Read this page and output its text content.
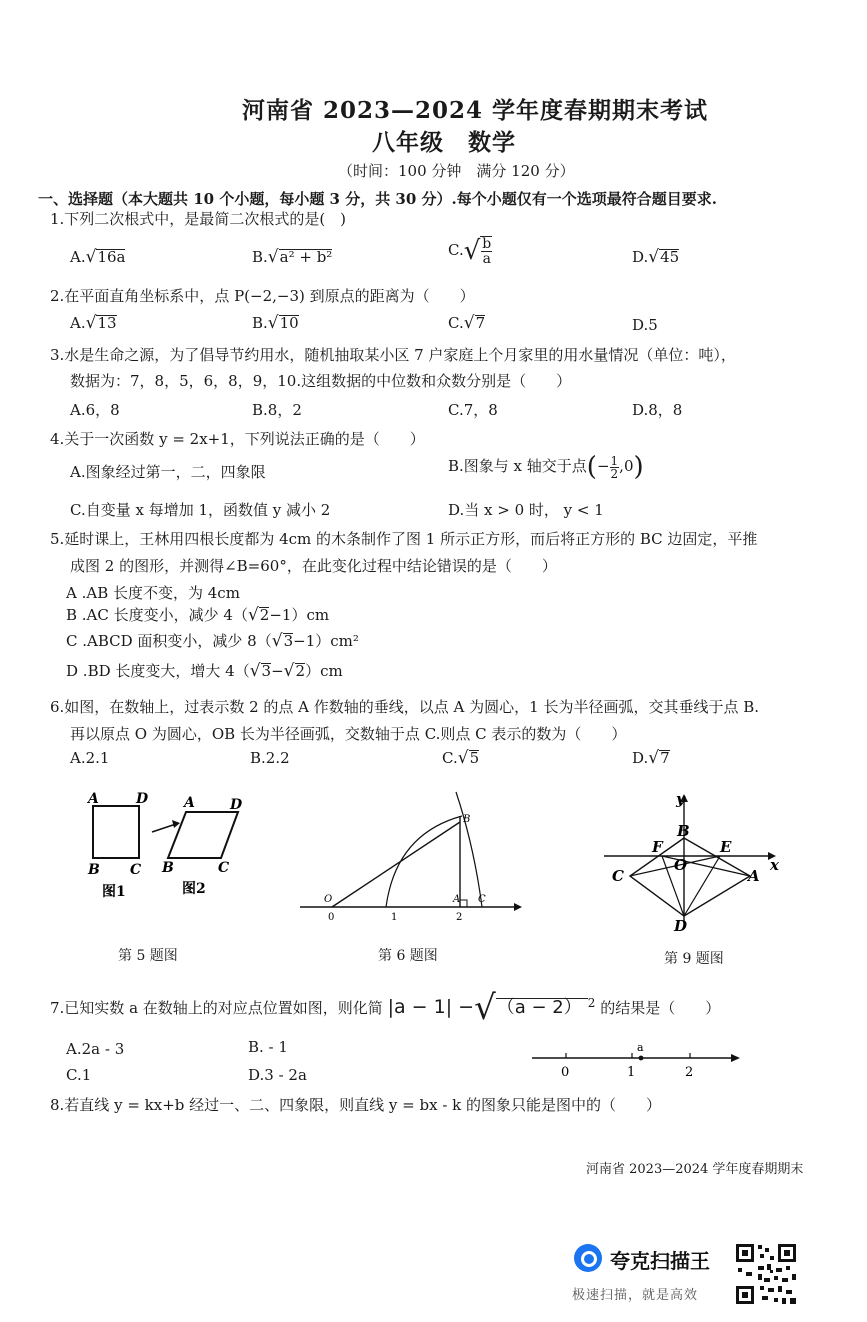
河南省 2023—2024 学年度春期期末考试
八年级　数学
（时间：100 分钟　满分 120 分）
一、选择题（本大题共 10 个小题，每小题 3 分，共 30 分）.每个小题仅有一个选项最符合题目要求.
1.下列二次根式中，是最简二次根式的是(　)
A.√16a	B.√a² + b²	$C.√ \frac{b}{a}$	D.√45
2.在平面直角坐标系中，点 P(−2,−3) 到原点的距离为（　　）
A.√13	B.√10	C.√7	D.5
3.水是生命之源，为了倡导节约用水，随机抽取某小区 7 户家庭上个月家里的用水量情况（单位：吨），
数据为：7，8，5，6，8，9，10.这组数据的中位数和众数分别是（　　）
A.6，8	B.8，2	C.7，8	D.8，8
4.关于一次函数 y = 2x+1，下列说法正确的是（　　）
A.图象经过第一，二，四象限	B.图象与 x 轴交于点(− $\frac{1}{2} ,0$)
C.自变量 x 每增加 1，函数值 y 减小 2	D.当 x > 0 时， y < 1
5.延时课上，王林用四根长度都为 4cm 的木条制作了图 1 所示正方形，而后将正方形的 BC 边固定，平推
成图 2 的图形，并测得∠B=60°，在此变化过程中结论错误的是（　　）
A .AB 长度不变，为 4cm
B .AC 长度变小，减少 4（√2−1）cm
C .ABCD 面积变小，减少 8（√3−1）cm²
D .BD 长度变大，增大 4（√3−√2）cm
6.如图，在数轴上，过表示数 2 的点 A 作数轴的垂线，以点 A 为圆心，1 长为半径画弧，交其垂线于点 B.
再以原点 O 为圆心，OB 长为半径画弧，交数轴于点 C.则点 C 表示的数为（　　）
A.2.1	B.2.2	C.√5	D.√7
A	D
B C
A	D
B	C
图1	图2
O	A
B
C
0	1	2
y
x
B
F	E
O
C	A
D
第 5 题图	第 6 题图	第 9 题图
7.已知实数 a 在数轴上的对应点位置如图，则化简 |a − 1| −√（a − 2） $^2$ 的结果是（　　）
A.2a - 3	B. - 1
C.1	D.3 - 2a
a
0	1	2
8.若直线 y = kx+b 经过一、二、四象限，则直线 y = bx - k 的图象只能是图中的（　　）
河南省 2023—2024 学年度春期期末
夸克扫描王
极速扫描，就是高效
